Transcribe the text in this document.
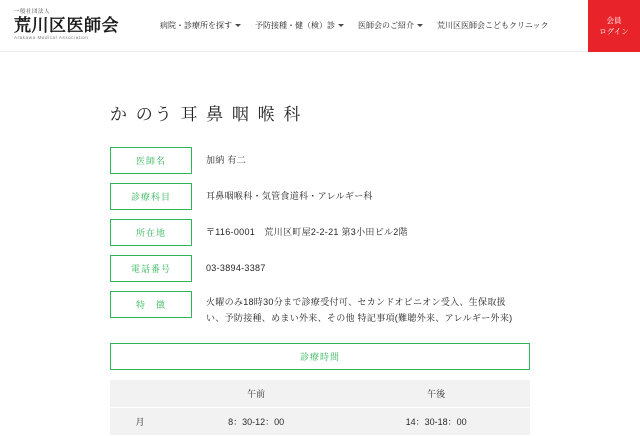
一般社団法人
荒川区医師会
Arakawa Medical Association
病院・診療所を探す	予防接種・健（検）診	医師会のご紹介	荒川区医師会こどもクリニック
会員
ログイン
か のう 耳 鼻 咽 喉 科
医師名	加納 有二
診療科目	耳鼻咽喉科・気管食道科・アレルギー科
所在地	〒116-0001　荒川区町屋2-2-21 第3小田ビル2階
電話番号	03-3894-3387
特　徴	火曜のみ18時30分まで診療受付可、セカンドオピニオン受入、生保取扱い、予防接種、めまい外来、その他 特記事項(難聴外来、アレルギー外来)
診療時間
	午前	午後
月	8：30-12：00	14：30-18：00
